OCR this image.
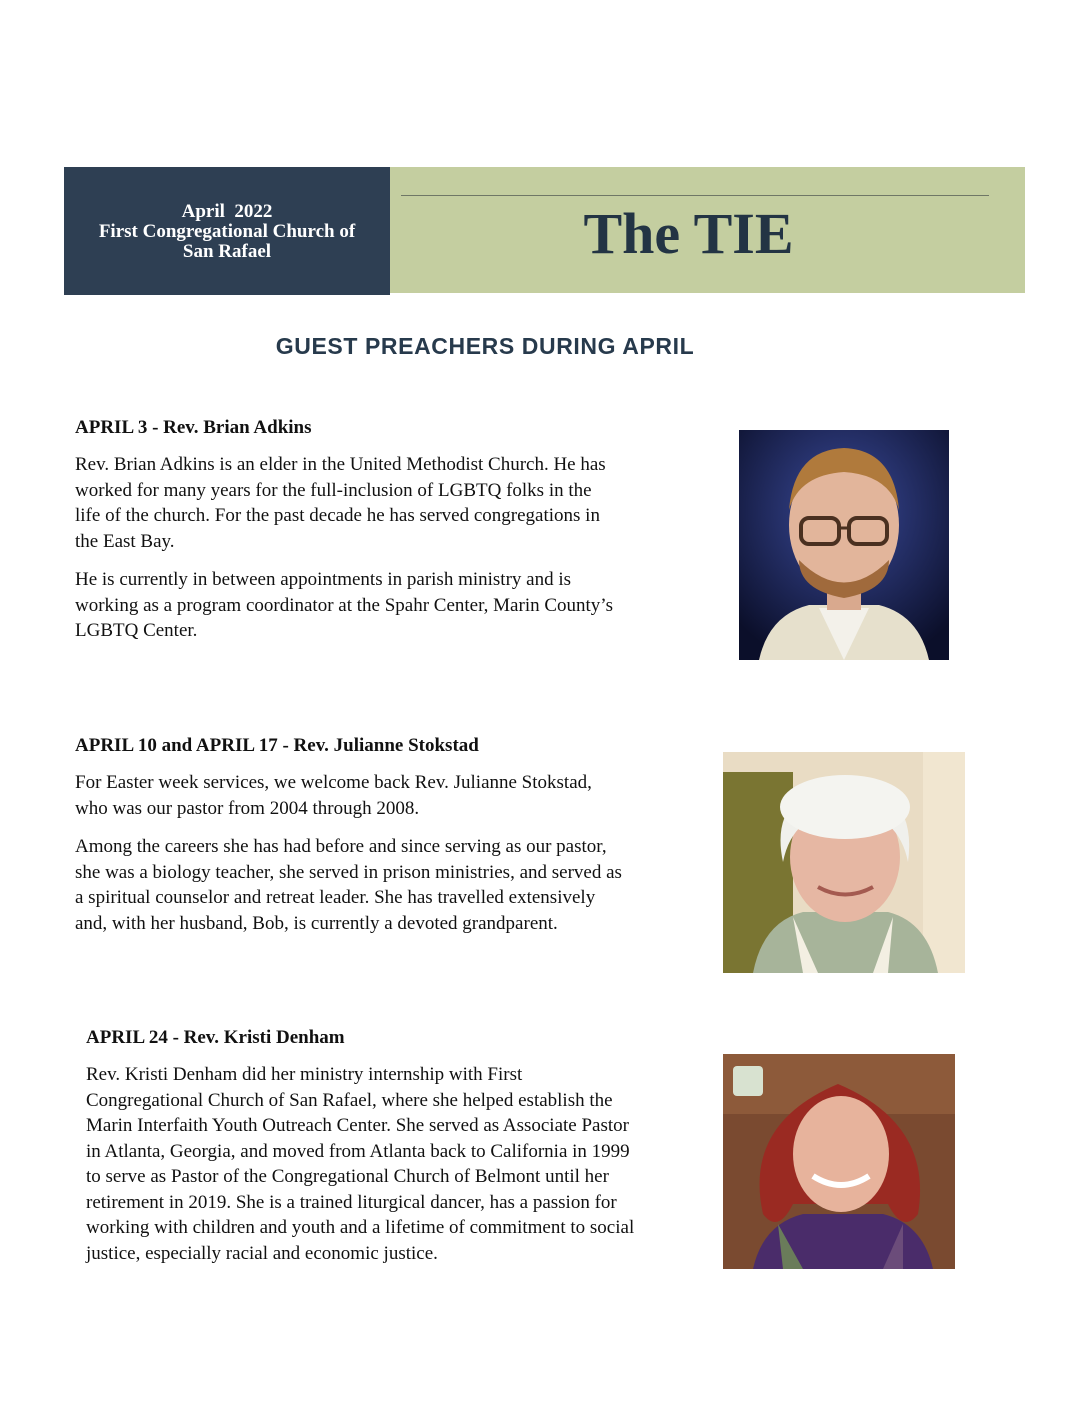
April  2022
First Congregational Church of
San Rafael	The TIE
GUEST PREACHERS DURING APRIL
APRIL 3 - Rev. Brian Adkins

Rev. Brian Adkins is an elder in the United Methodist Church. He has worked for many years for the full-inclusion of LGBTQ folks in the life of the church. For the past decade he has served congregations in the East Bay.

He is currently in between appointments in parish ministry and is working as a program coordinator at the Spahr Center, Marin County’s LGBTQ Center.

APRIL 10 and APRIL 17 - Rev. Julianne Stokstad

For Easter week services, we welcome back Rev. Julianne Stokstad, who was our pastor from 2004 through 2008.

Among the careers she has had before and since serving as our pastor, she was a biology teacher, she served in prison ministries, and served as a spiritual counselor and retreat leader. She has travelled extensively and, with her husband, Bob, is currently a devoted grandparent.

APRIL 24 - Rev. Kristi Denham

Rev. Kristi Denham did her ministry internship with First Congregational Church of San Rafael, where she helped establish the Marin Interfaith Youth Outreach Center. She served as Associate Pastor in Atlanta, Georgia, and moved from Atlanta back to California in 1999 to serve as Pastor of the Congregational Church of Belmont until her retirement in 2019. She is a trained liturgical dancer, has a passion for working with children and youth and a lifetime of commitment to social justice, especially racial and economic justice.
